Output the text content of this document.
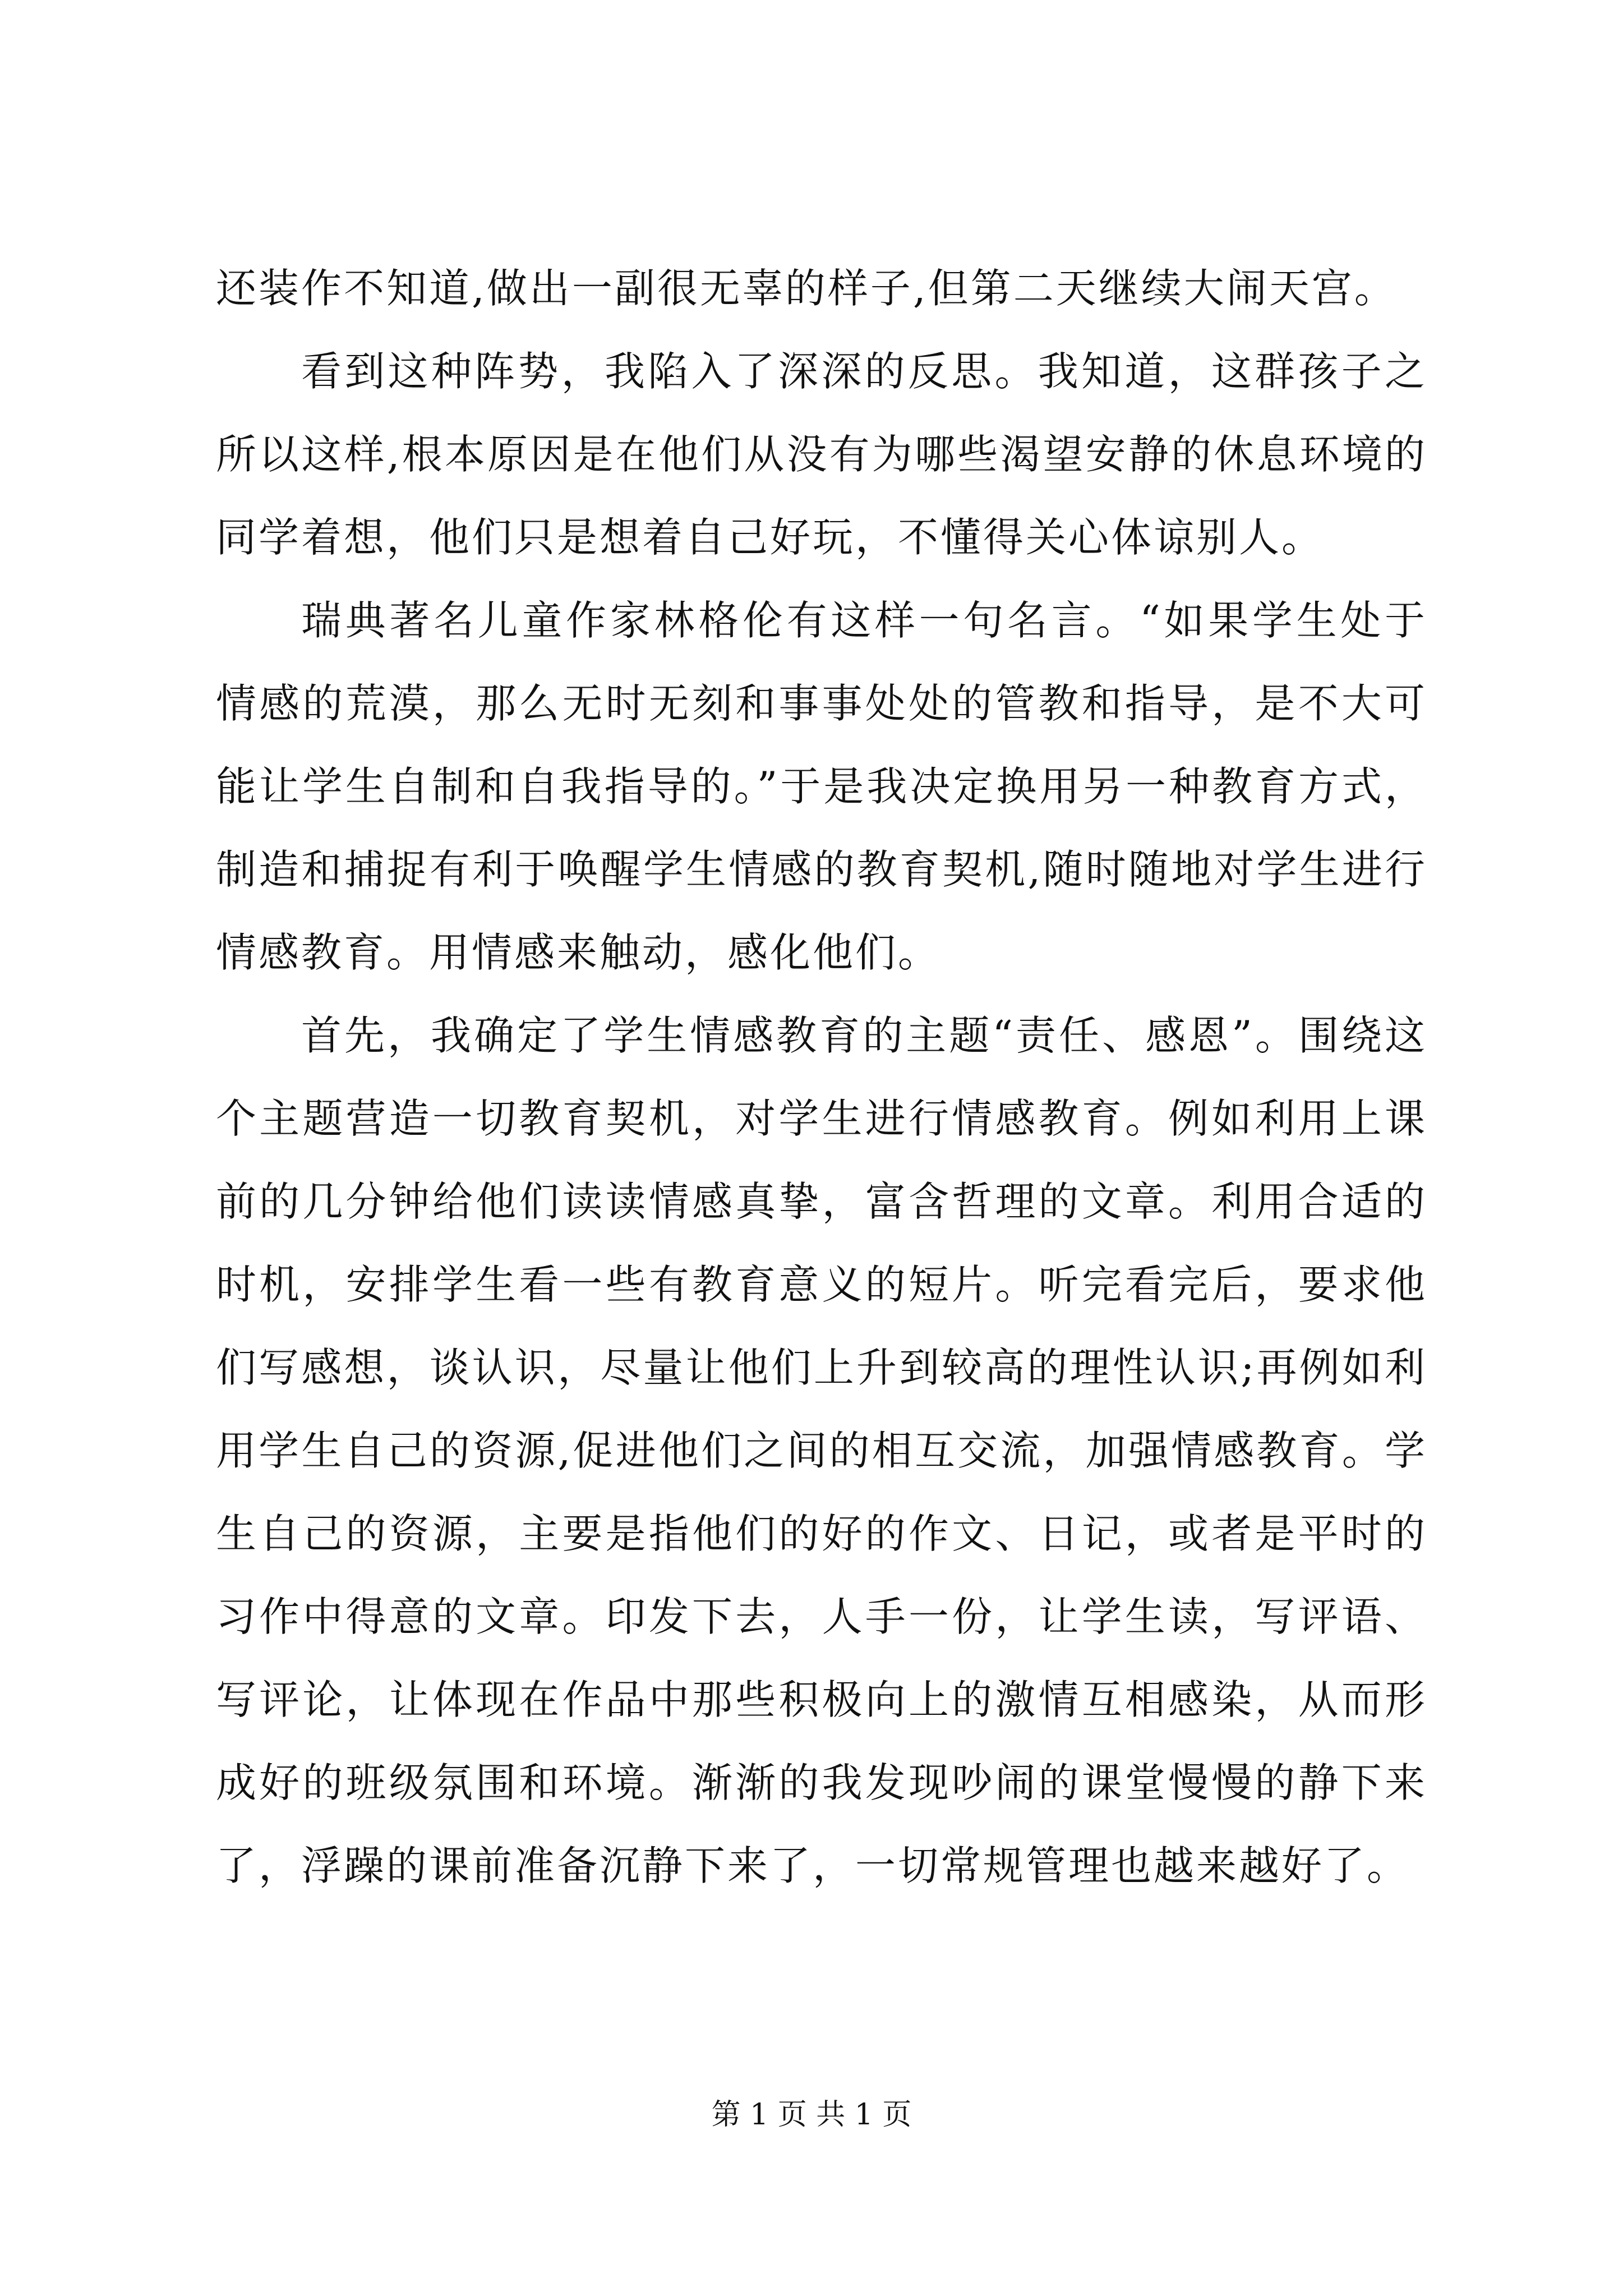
还装作不知道,做出一副很无辜的样子,但第二天继续大闹天宫。

看到这种阵势，我陷入了深深的反思。我知道，这群孩子之所以这样,根本原因是在他们从没有为哪些渴望安静的休息环境的同学着想，他们只是想着自己好玩，不懂得关心体谅别人。

瑞典著名儿童作家林格伦有这样一句名言。“如果学生处于情感的荒漠，那么无时无刻和事事处处的管教和指导，是不大可能让学生自制和自我指导的。”于是我决定换用另一种教育方式，制造和捕捉有利于唤醒学生情感的教育契机,随时随地对学生进行情感教育。用情感来触动，感化他们。

首先，我确定了学生情感教育的主题“责任、感恩”。围绕这个主题营造一切教育契机，对学生进行情感教育。例如利用上课前的几分钟给他们读读情感真挚，富含哲理的文章。利用合适的时机，安排学生看一些有教育意义的短片。听完看完后，要求他们写感想，谈认识，尽量让他们上升到较高的理性认识;再例如利用学生自己的资源,促进他们之间的相互交流，加强情感教育。学生自己的资源，主要是指他们的好的作文、日记，或者是平时的习作中得意的文章。印发下去，人手一份，让学生读，写评语、写评论，让体现在作品中那些积极向上的激情互相感染，从而形成好的班级氛围和环境。渐渐的我发现吵闹的课堂慢慢的静下来了，浮躁的课前准备沉静下来了，一切常规管理也越来越好了。

第 1 页 共 1 页
